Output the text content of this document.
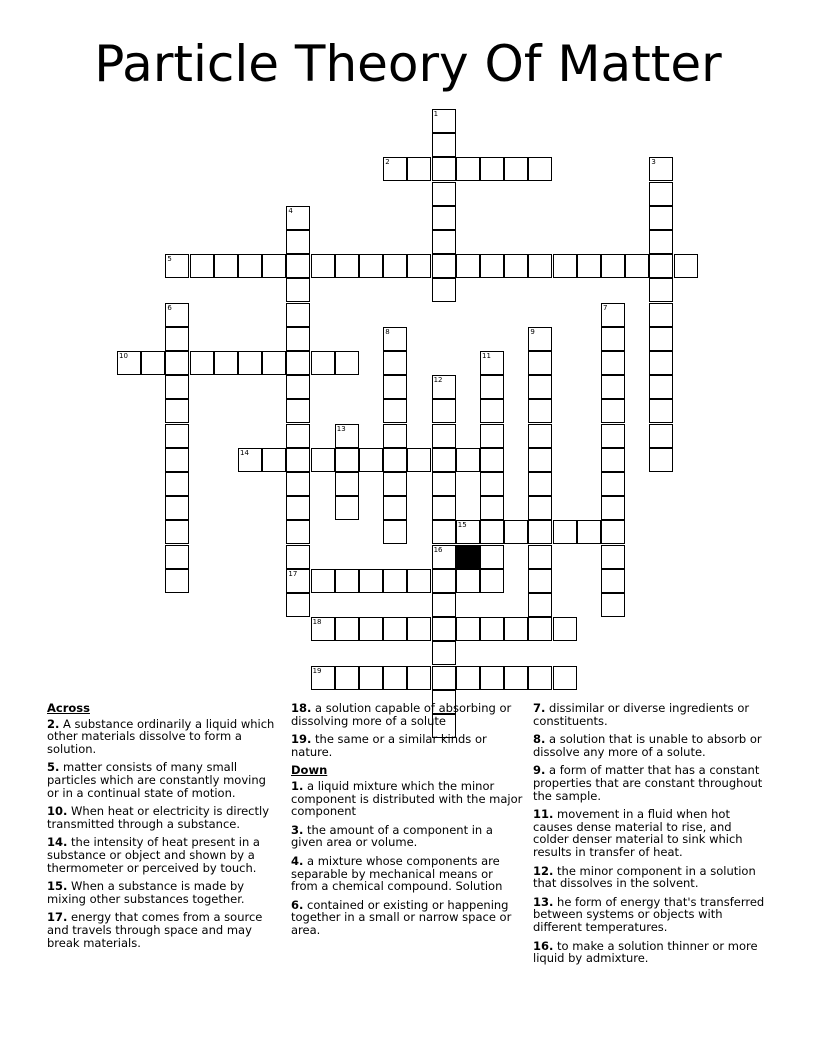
Particle Theory Of Matter
1
2	3
4
17
5
6	7
8	9
10	11
12
16
13
14
15
18
19
Across
2. A substance ordinarily a liquid which other materials dissolve to form a solution.
5. matter consists of many small particles which are constantly moving or in a continual state of motion.
10. When heat or electricity is directly transmitted through a substance.
14. the intensity of heat present in a substance or object and shown by a thermometer or perceived by touch.
15. When a substance is made by mixing other substances together.
17. energy that comes from a source and travels through space and may break materials.
18. a solution capable of absorbing or dissolving more of a solute
19. the same or a similar kinds or nature.
Down
1. a liquid mixture which the minor component is distributed with the major component
3. the amount of a component in a given area or volume.
4. a mixture whose components are separable by mechanical means or from a chemical compound. Solution
6. contained or existing or happening together in a small or narrow space or area.
7. dissimilar or diverse ingredients or constituents.
8. a solution that is unable to absorb or dissolve any more of a solute.
9. a form of matter that has a constant properties that are constant throughout the sample.
11. movement in a fluid when hot causes dense material to rise, and colder denser material to sink which results in transfer of heat.
12. the minor component in a solution that dissolves in the solvent.
13. he form of energy that's transferred between systems or objects with different temperatures.
16. to make a solution thinner or more liquid by admixture.
